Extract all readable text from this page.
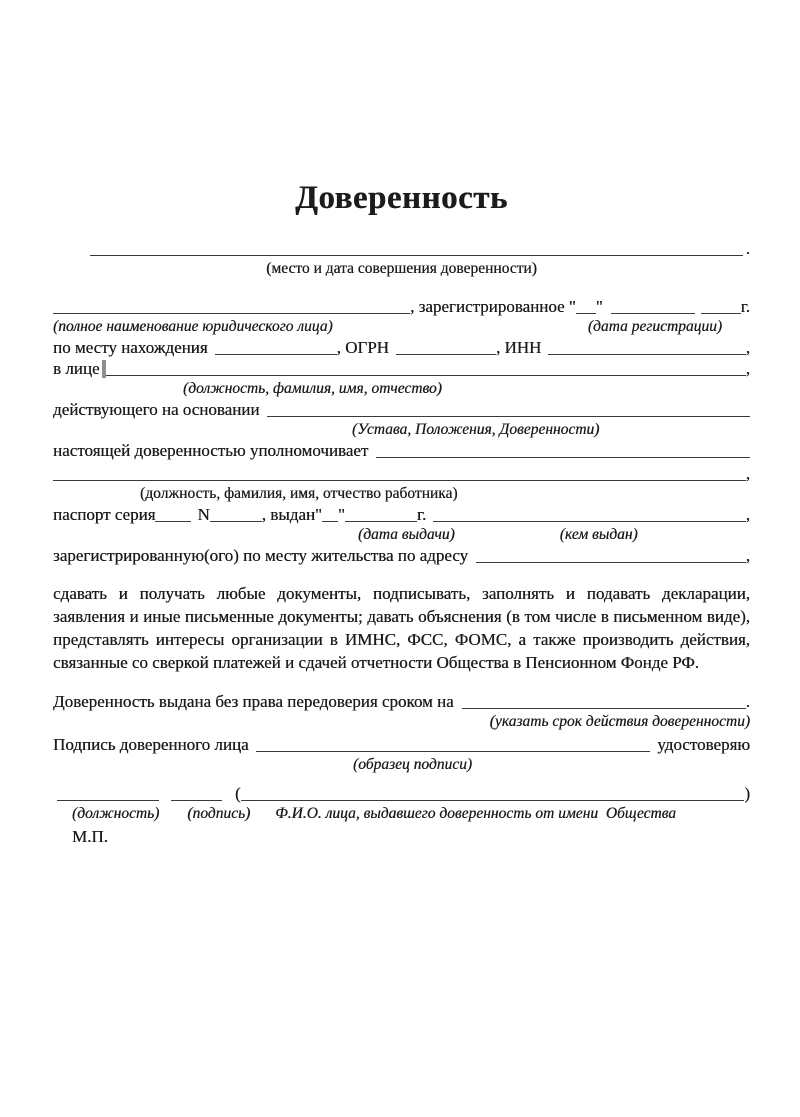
Доверенность
.
(место и дата совершения доверенности)
, зарегистрированное " "	г.
(полное наименование юридического лица)	(дата регистрации)
по месту нахождения	, ОГРН	, ИНН	,
в лице	,
(должность, фамилия, имя, отчество)
действующего на основании
(Устава, Положения, Доверенности)
настоящей доверенностью уполномочивает
,
(должность, фамилия, имя, отчество работника)
паспорт серия N	, выдан" "	г.	,
(дата выдачи)	(кем выдан)
зарегистрированную(ого) по месту жительства по адресу	,

сдавать и получать любые документы, подписывать, заполнять и подавать декларации, заявления и иные письменные документы; давать объяснения (в том числе в письменном виде), представлять интересы организации в ИМНС, ФСС, ФОМС, а также производить действия, связанные со сверкой платежей и сдачей отчетности Общества в Пенсионном Фонде РФ.

Доверенность выдана без права передоверия сроком на	.
(указать срок действия доверенности)
Подпись доверенного лица	удостоверяю
(образец подписи)
(	)
(должность) (подпись) Ф.И.О. лица, выдавшего доверенность от имени  Общества
М.П.
